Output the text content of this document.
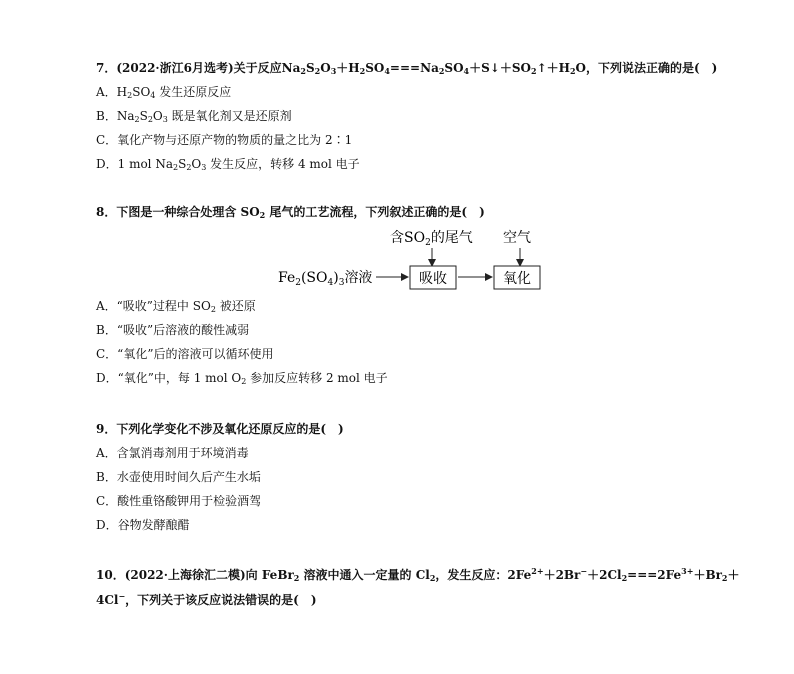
7．(2022·浙江6月选考)关于反应$Na_2S_2O_3+H_2SO_4===Na_2SO_4+S↓+SO_2↑+H_2O$，下列说法正确的是(　)
A．$H_2SO_4$ 发生还原反应
B．$Na_2S_2O_3$ 既是氧化剂又是还原剂
C．氧化产物与还原产物的物质的量之比为 2∶1
D．1 mol $Na_2S_2O_3$ 发生反应，转移 4 mol 电子
8．下图是一种综合处理含 $SO_2$ 尾气的工艺流程，下列叙述正确的是(　)
含$SO_2$的尾气 空气
$Fe_2(SO_4)_3$溶液	吸收	氧化
A．“吸收”过程中 $SO_2$ 被还原
B．“吸收”后溶液的酸性减弱
C．“氧化”后的溶液可以循环使用
D．“氧化”中，每 1 mol $O_2$ 参加反应转移 2 mol 电子
9．下列化学变化不涉及氧化还原反应的是(　)
A．含氯消毒剂用于环境消毒
B．水壶使用时间久后产生水垢
C．酸性重铬酸钾用于检验酒驾
D．谷物发酵酿醋
10．(2022·上海徐汇二模)向 FeBr$_2$ 溶液中通入一定量的 $Cl_2$，发生反应：$2Fe^{2+}+2Br^-+2Cl_2===2Fe^{3+}+Br_2+$
4Cl−，下列关于该反应说法错误的是(　)
